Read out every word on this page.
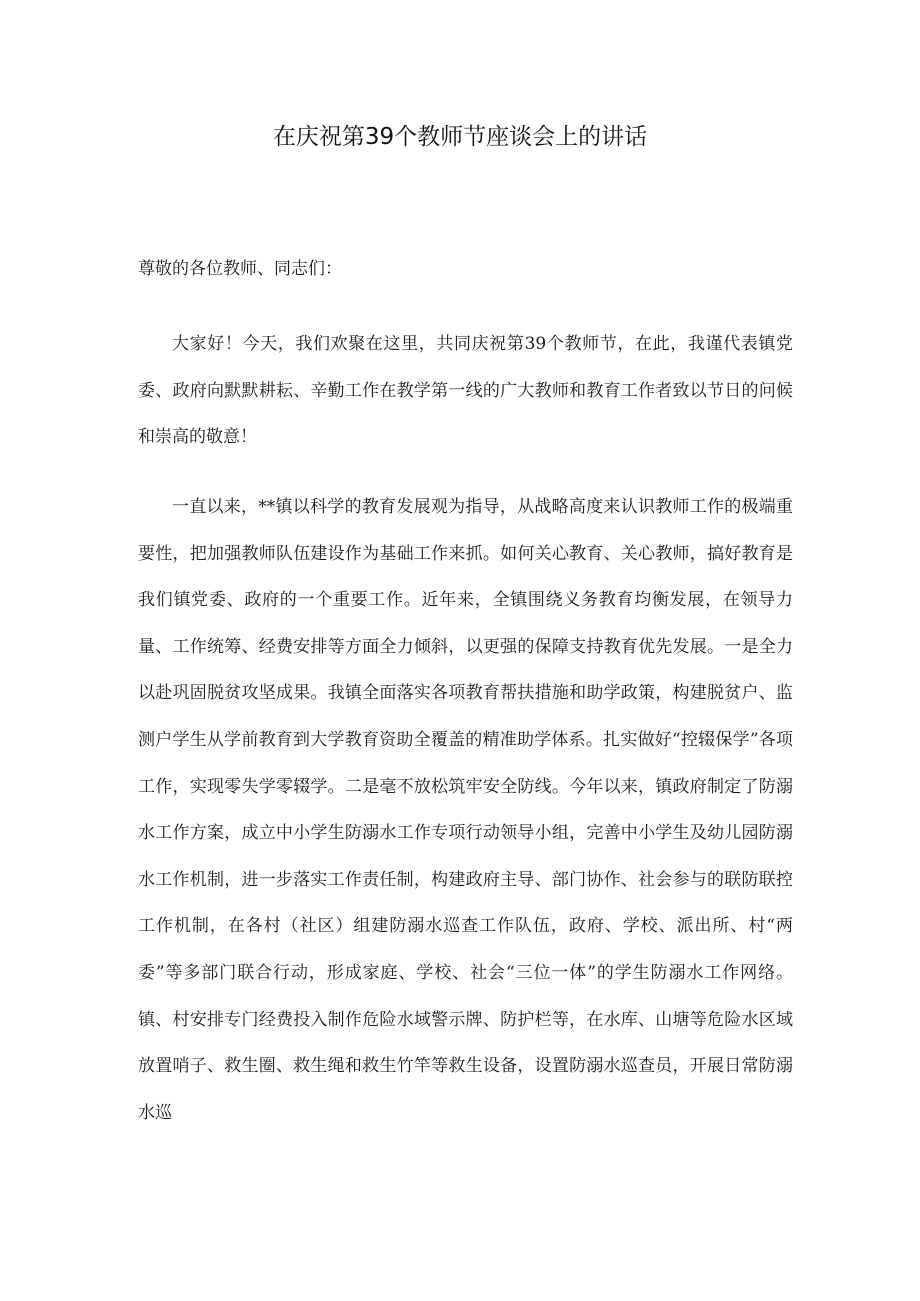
在庆祝第39个教师节座谈会上的讲话

尊敬的各位教师、同志们：

大家好！今天，我们欢聚在这里，共同庆祝第39个教师节，在此，我谨代表镇党委、政府向默默耕耘、辛勤工作在教学第一线的广大教师和教育工作者致以节日的问候和崇高的敬意！

一直以来，**镇以科学的教育发展观为指导，从战略高度来认识教师工作的极端重要性，把加强教师队伍建设作为基础工作来抓。如何关心教育、关心教师，搞好教育是我们镇党委、政府的一个重要工作。近年来，全镇围绕义务教育均衡发展，在领导力量、工作统筹、经费安排等方面全力倾斜，以更强的保障支持教育优先发展。一是全力以赴巩固脱贫攻坚成果。我镇全面落实各项教育帮扶措施和助学政策，构建脱贫户、监测户学生从学前教育到大学教育资助全覆盖的精准助学体系。扎实做好“控辍保学”各项工作，实现零失学零辍学。二是毫不放松筑牢安全防线。今年以来，镇政府制定了防溺水工作方案，成立中小学生防溺水工作专项行动领导小组，完善中小学生及幼儿园防溺水工作机制，进一步落实工作责任制，构建政府主导、部门协作、社会参与的联防联控工作机制，在各村（社区）组建防溺水巡查工作队伍，政府、学校、派出所、村“两委”等多部门联合行动，形成家庭、学校、社会“三位一体”的学生防溺水工作网络。镇、村安排专门经费投入制作危险水域警示牌、防护栏等，在水库、山塘等危险水区域放置哨子、救生圈、救生绳和救生竹竿等救生设备，设置防溺水巡查员，开展日常防溺水巡
